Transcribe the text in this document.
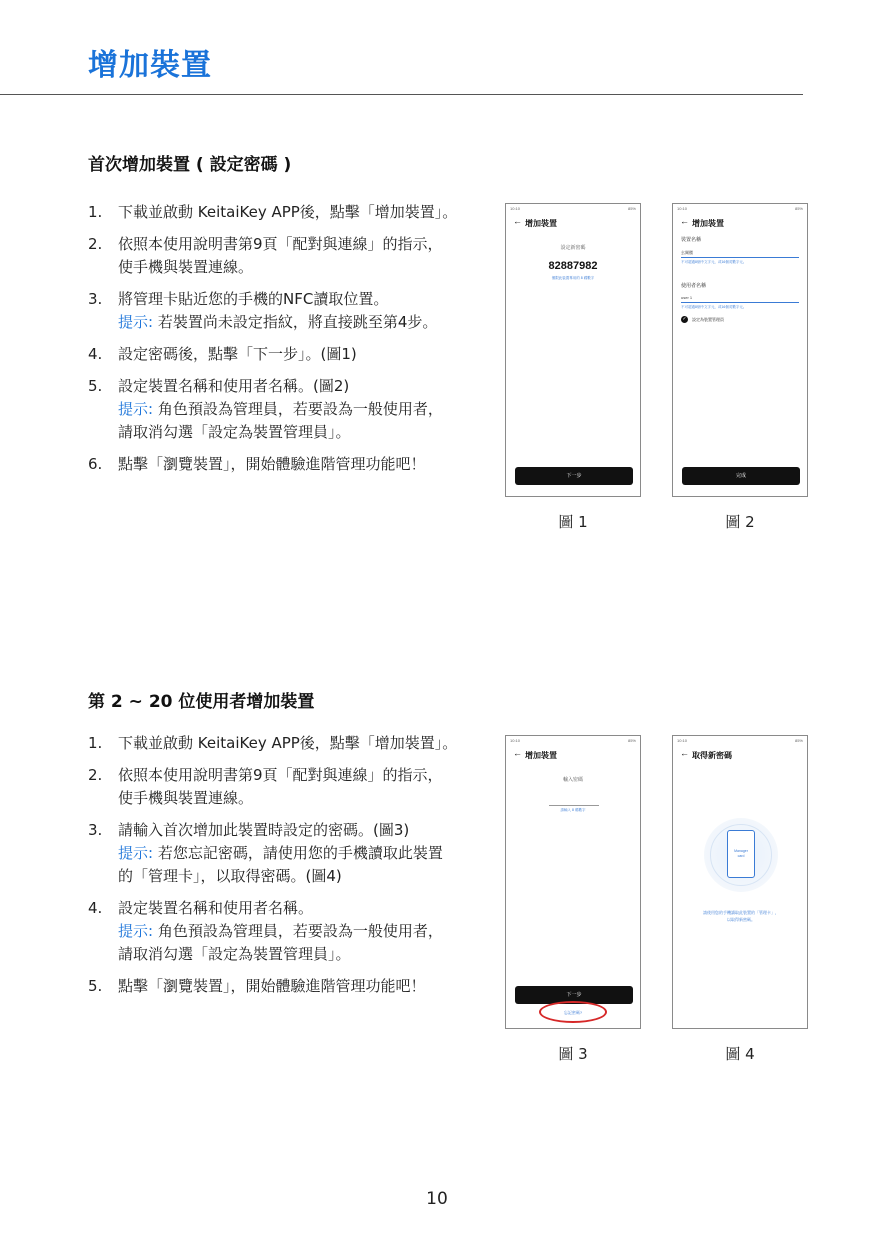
增加裝置
首次增加裝置 ( 設定密碼 )
1. 下載並啟動 KeitaiKey APP後，點擊「增加裝置」。
2. 依照本使用說明書第9頁「配對與連線」的指示，
使手機與裝置連線。
3. 將管理卡貼近您的手機的NFC讀取位置。
提示: 若裝置尚未設定指紋，將直接跳至第4步。
4. 設定密碼後，點擊「下一步」。(圖1)
5. 設定裝置名稱和使用者名稱。(圖2)
提示: 角色預設為管理員，若要設為一般使用者，
請取消勾選「設定為裝置管理員」。
6. 點擊「瀏覽裝置」，開始體驗進階管理功能吧！
10:10	85%
← 增加裝置
設定新密碼
82887982
僅限此裝置專用的 8 碼數字
下一步
圖 1
10:10	85%
← 增加裝置
裝置名稱
玄關櫃
不可超過8個中文字元，或16個英數字元。
使用者名稱
user 1
不可超過8個中文字元，或16個英數字元。
✓	設定為裝置管理員
完成
圖 2
第 2 ~ 20 位使用者增加裝置
1. 下載並啟動 KeitaiKey APP後，點擊「增加裝置」。
2. 依照本使用說明書第9頁「配對與連線」的指示，
使手機與裝置連線。
3. 請輸入首次增加此裝置時設定的密碼。(圖3)
提示: 若您忘記密碼，請使用您的手機讀取此裝置
的「管理卡」，以取得密碼。(圖4)
4. 設定裝置名稱和使用者名稱。
提示: 角色預設為管理員，若要設為一般使用者，
請取消勾選「設定為裝置管理員」。
5. 點擊「瀏覽裝置」，開始體驗進階管理功能吧！
10:10	85%
← 增加裝置
輸入密碼
請輸入 8 碼數字
下一步
忘記密碼?
圖 3
10:10	85%
← 取得新密碼
Manager
card
請使用您的手機讀取此裝置的「管理卡」，
以取得新密碼。
圖 4
10
